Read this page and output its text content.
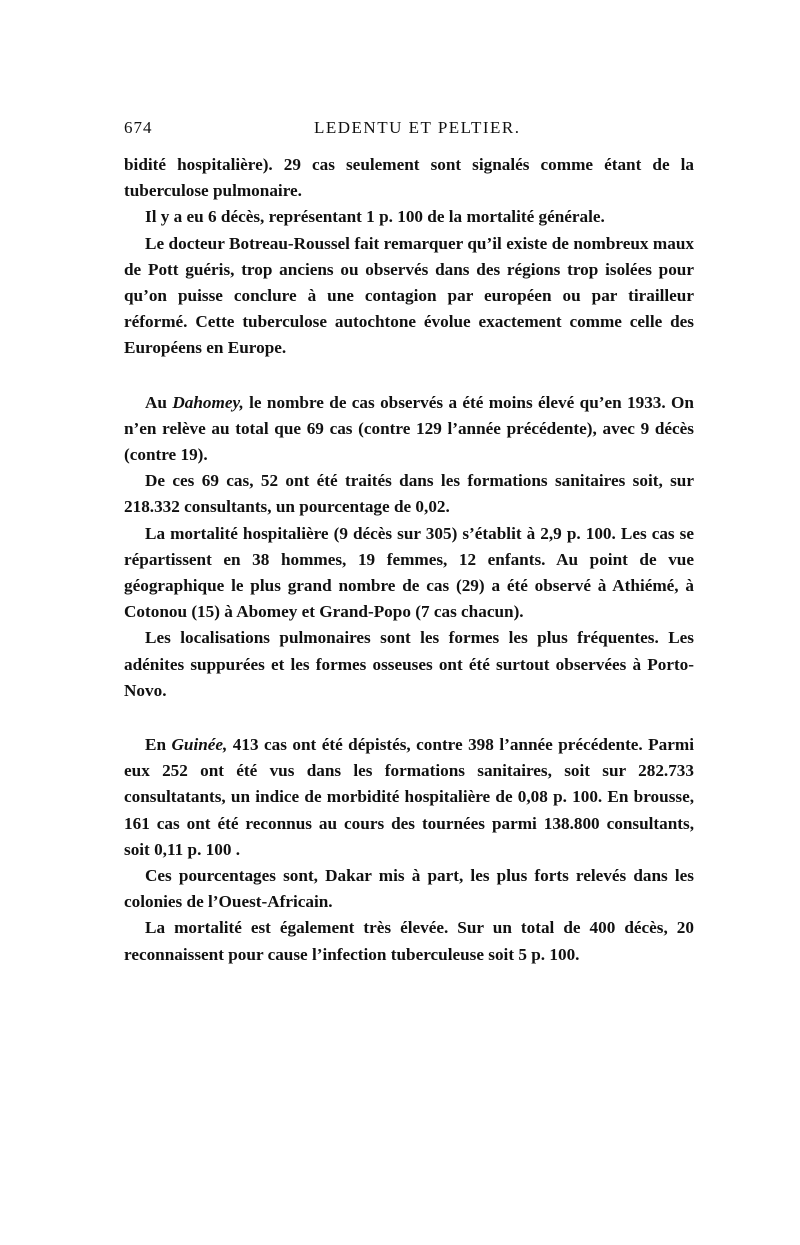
674	LEDENTU ET PELTIER.

bidité hospitalière). 29 cas seulement sont signalés comme étant de la tuberculose pulmonaire.

Il y a eu 6 décès, représentant 1 p. 100 de la mortalité générale.

Le docteur Botreau-Roussel fait remarquer qu’il existe de nombreux maux de Pott guéris, trop anciens ou observés dans des régions trop isolées pour qu’on puisse conclure à une contagion par européen ou par tirailleur réformé. Cette tuberculose autochtone évolue exactement comme celle des Européens en Europe.

Au Dahomey, le nombre de cas observés a été moins élevé qu’en 1933. On n’en relève au total que 69 cas (contre 129 l’année précédente), avec 9 décès (contre 19).

De ces 69 cas, 52 ont été traités dans les formations sanitaires soit, sur 218.332 consultants, un pourcentage de 0,02.

La mortalité hospitalière (9 décès sur 305) s’établit à 2,9 p. 100. Les cas se répartissent en 38 hommes, 19 femmes, 12 enfants. Au point de vue géographique le plus grand nombre de cas (29) a été observé à Athiémé, à Cotonou (15) à Abomey et Grand-Popo (7 cas chacun).

Les localisations pulmonaires sont les formes les plus fréquentes. Les adénites suppurées et les formes osseuses ont été surtout observées à Porto-Novo.

En Guinée, 413 cas ont été dépistés, contre 398 l’année précédente. Parmi eux 252 ont été vus dans les formations sanitaires, soit sur 282.733 consultatants, un indice de morbidité hospitalière de 0,08 p. 100. En brousse, 161 cas ont été reconnus au cours des tournées parmi 138.800 consultants, soit 0,11 p. 100 .

Ces pourcentages sont, Dakar mis à part, les plus forts relevés dans les colonies de l’Ouest-Africain.

La mortalité est également très élevée. Sur un total de 400 décès, 20 reconnaissent pour cause l’infection tuberculeuse soit 5 p. 100.
